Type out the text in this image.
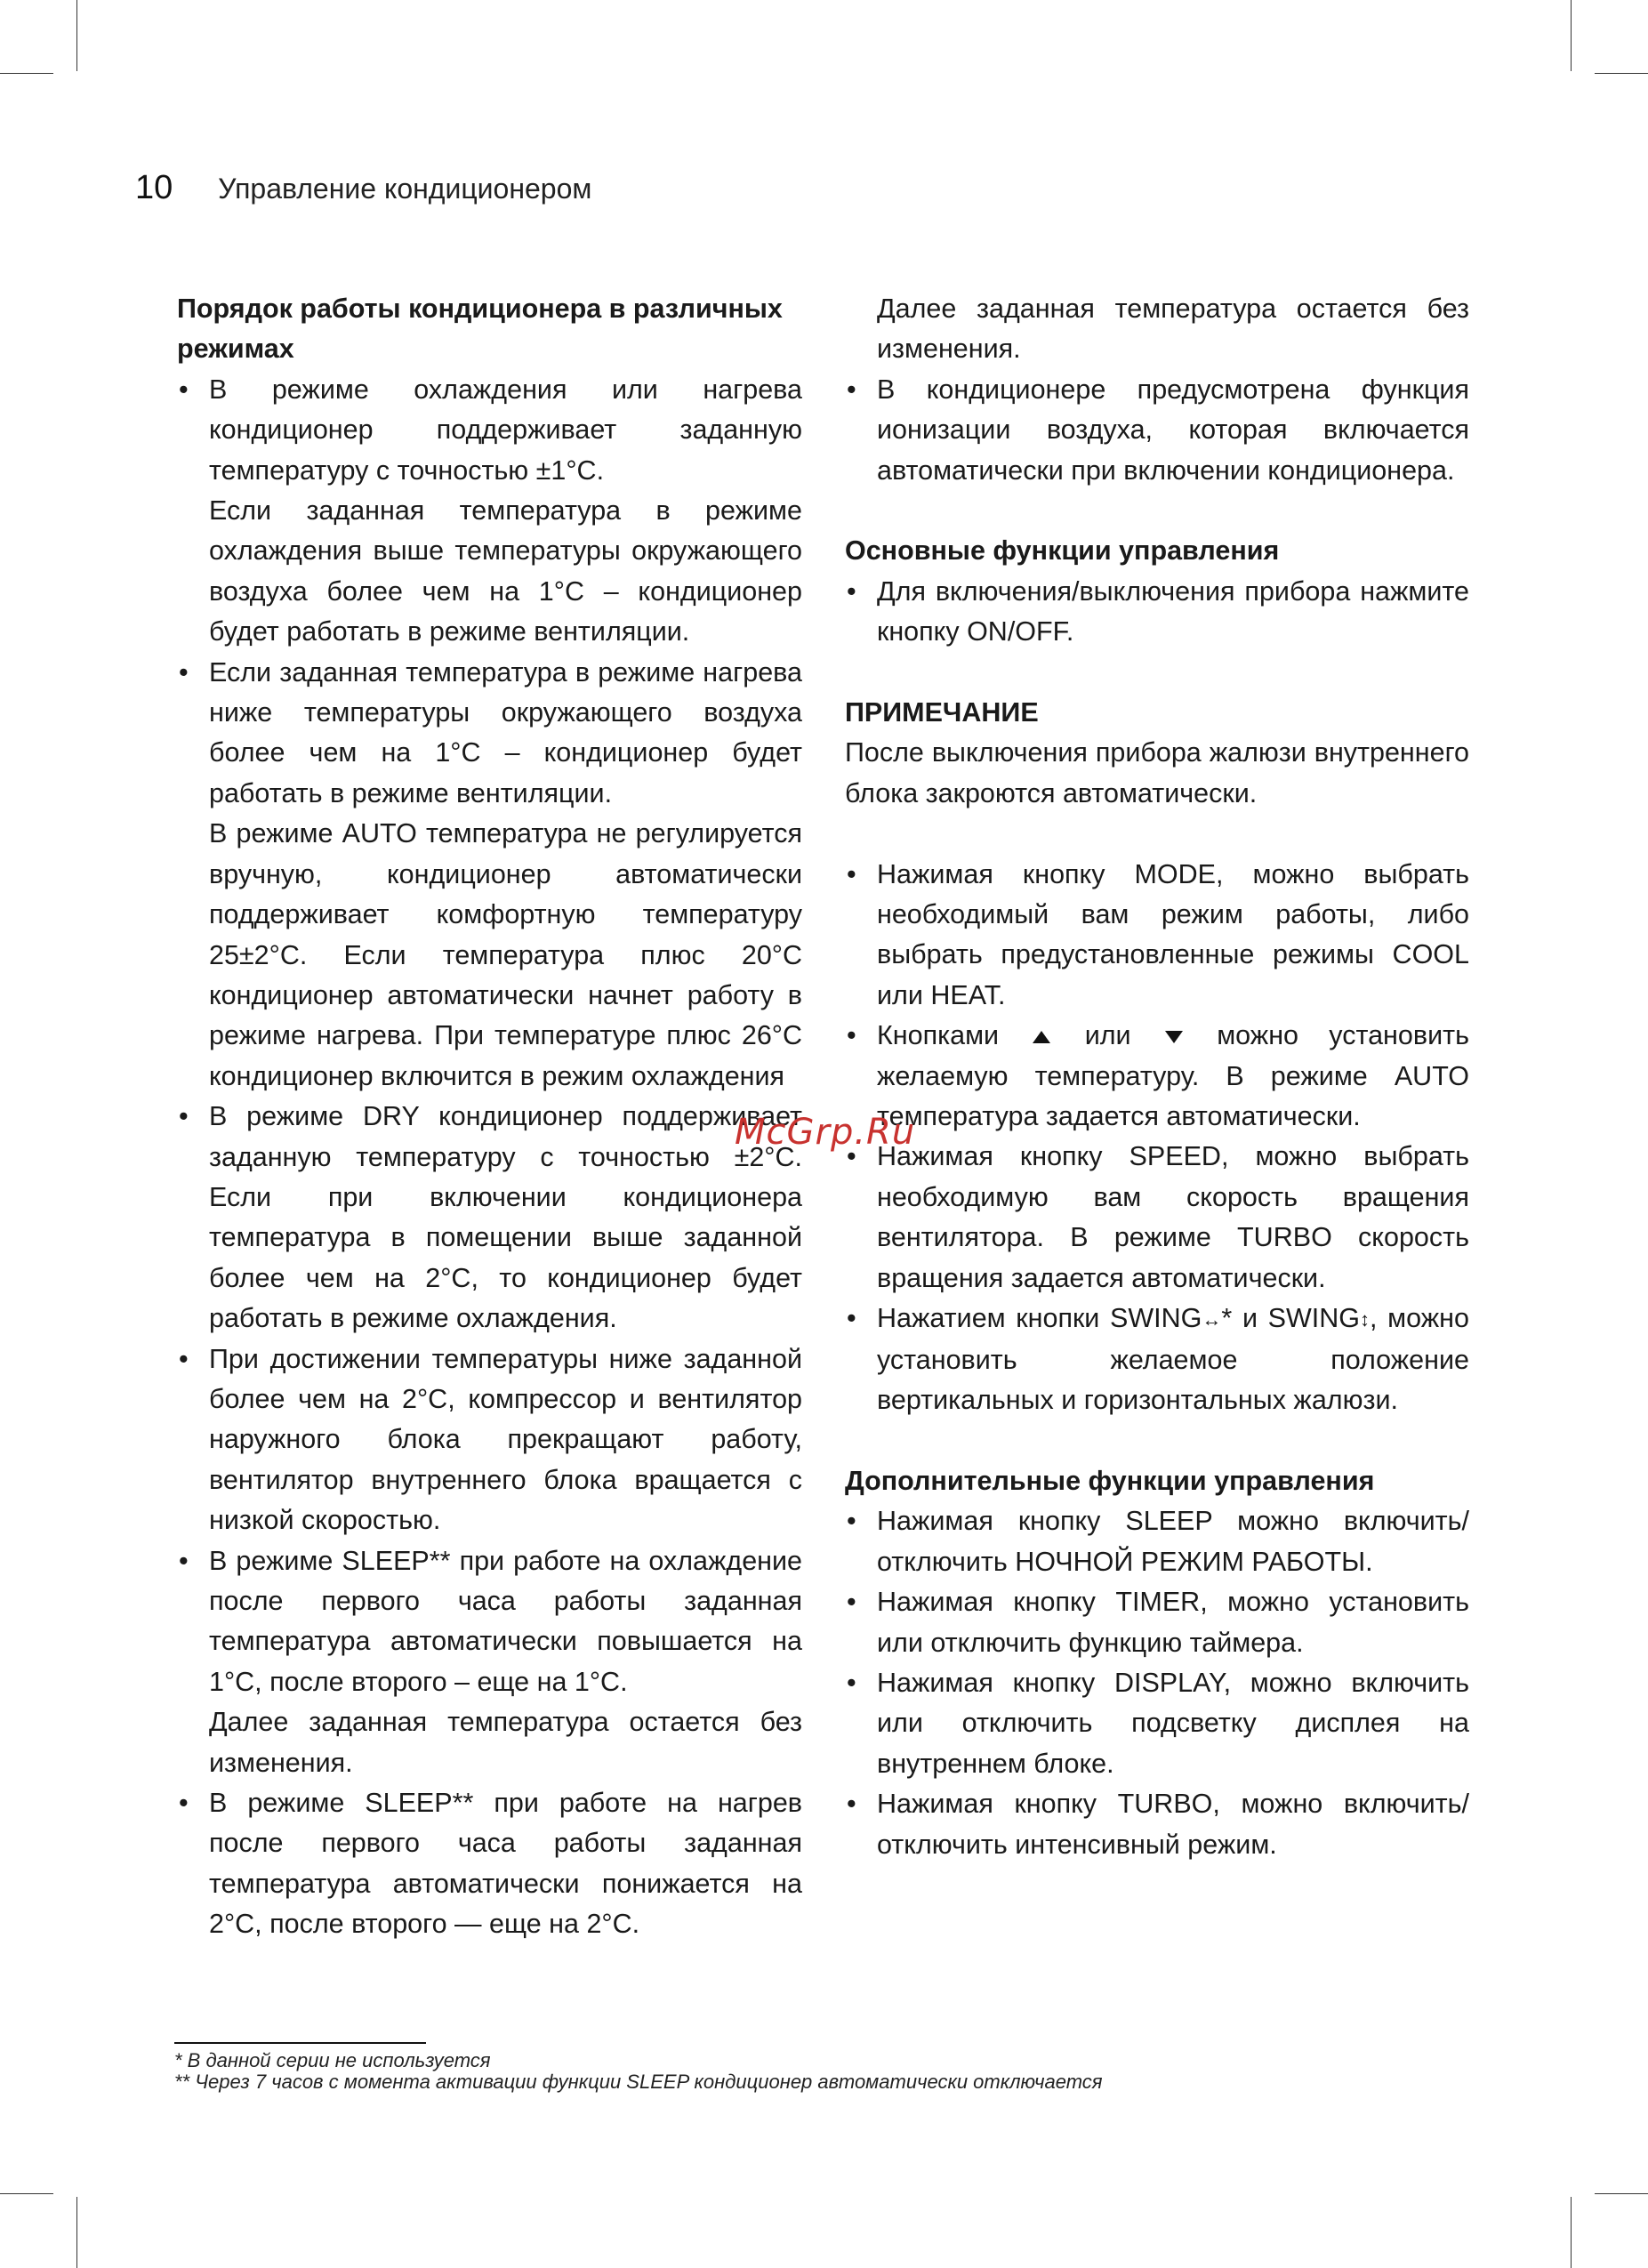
10 Управление кондиционером

Порядок работы кондиционера в различных режимах

• В режиме охлаждения или нагрева кондиционер поддерживает заданную температуру с точностью ±1°C.

Если заданная температура в режиме охлаждения выше температуры окружающего воздуха более чем на 1°C – кондиционер будет работать в режиме вентиляции.

• Если заданная температура в режиме нагрева ниже температуры окружающего воздуха более чем на 1°C – кондиционер будет работать в режиме вентиляции.

В режиме AUTO температура не регулируется вручную, кондиционер автоматически поддерживает комфортную температуру 25±2°C. Если температура плюс 20°C кондиционер автоматически начнет работу в режиме нагрева. При температуре плюс 26°C кондиционер включится в режим охлаждения

• В режиме DRY кондиционер поддерживает заданную температуру с точностью ±2°C. Если при включении кондиционера температура в помещении выше заданной более чем на 2°C, то кондиционер будет работать в режиме охлаждения.

• При достижении температуры ниже заданной более чем на 2°C, компрессор и вентилятор наружного блока прекращают работу, вентилятор внутреннего блока вращается с низкой скоростью.

• В режиме SLEEP** при работе на охлаждение после первого часа работы заданная температура автоматически повышается на 1°C, после второго – еще на 1°C.

Далее заданная температура остается без изменения.

• В режиме SLEEP** при работе на нагрев после первого часа работы заданная температура автоматически понижается на 2°C, после второго — еще на 2°C.

Далее заданная температура остается без изменения.

• В кондиционере предусмотрена функция ионизации воздуха, которая включается автоматически при включении кондиционера.

Основные функции управления

• Для включения/выключения прибора нажмите кнопку ON/OFF.

ПРИМЕЧАНИЕ

После выключения прибора жалюзи внутреннего блока закроются автоматически.

• Нажимая кнопку MODE, можно выбрать необходимый вам режим работы, либо выбрать предустановленные режимы COOL или HEAT.

• Кнопками	или	можно установить желаемую температуру. В режиме AUTO температура задается автоматически.

• Нажимая кнопку SPEED, можно выбрать необходимую вам скорость вращения вентилятора. В режиме TURBO скорость вращения задается автоматически.

• Нажатием кнопки SWING↔* и SWING↕, можно установить желаемое положение вертикальных и горизонтальных жалюзи.

Дополнительные функции управления

• Нажимая кнопку SLEEP можно включить/отключить НОЧНОЙ РЕЖИМ РАБОТЫ.

• Нажимая кнопку TIMER, можно установить или отключить функцию таймера.

• Нажимая кнопку DISPLAY, можно включить или отключить подсветку дисплея на внутреннем блоке.

• Нажимая кнопку TURBO, можно включить/отключить интенсивный режим.

McGrp.Ru
* В данной серии не используется
** Через 7 часов с момента активации функции SLEEP кондиционер автоматически отключается
